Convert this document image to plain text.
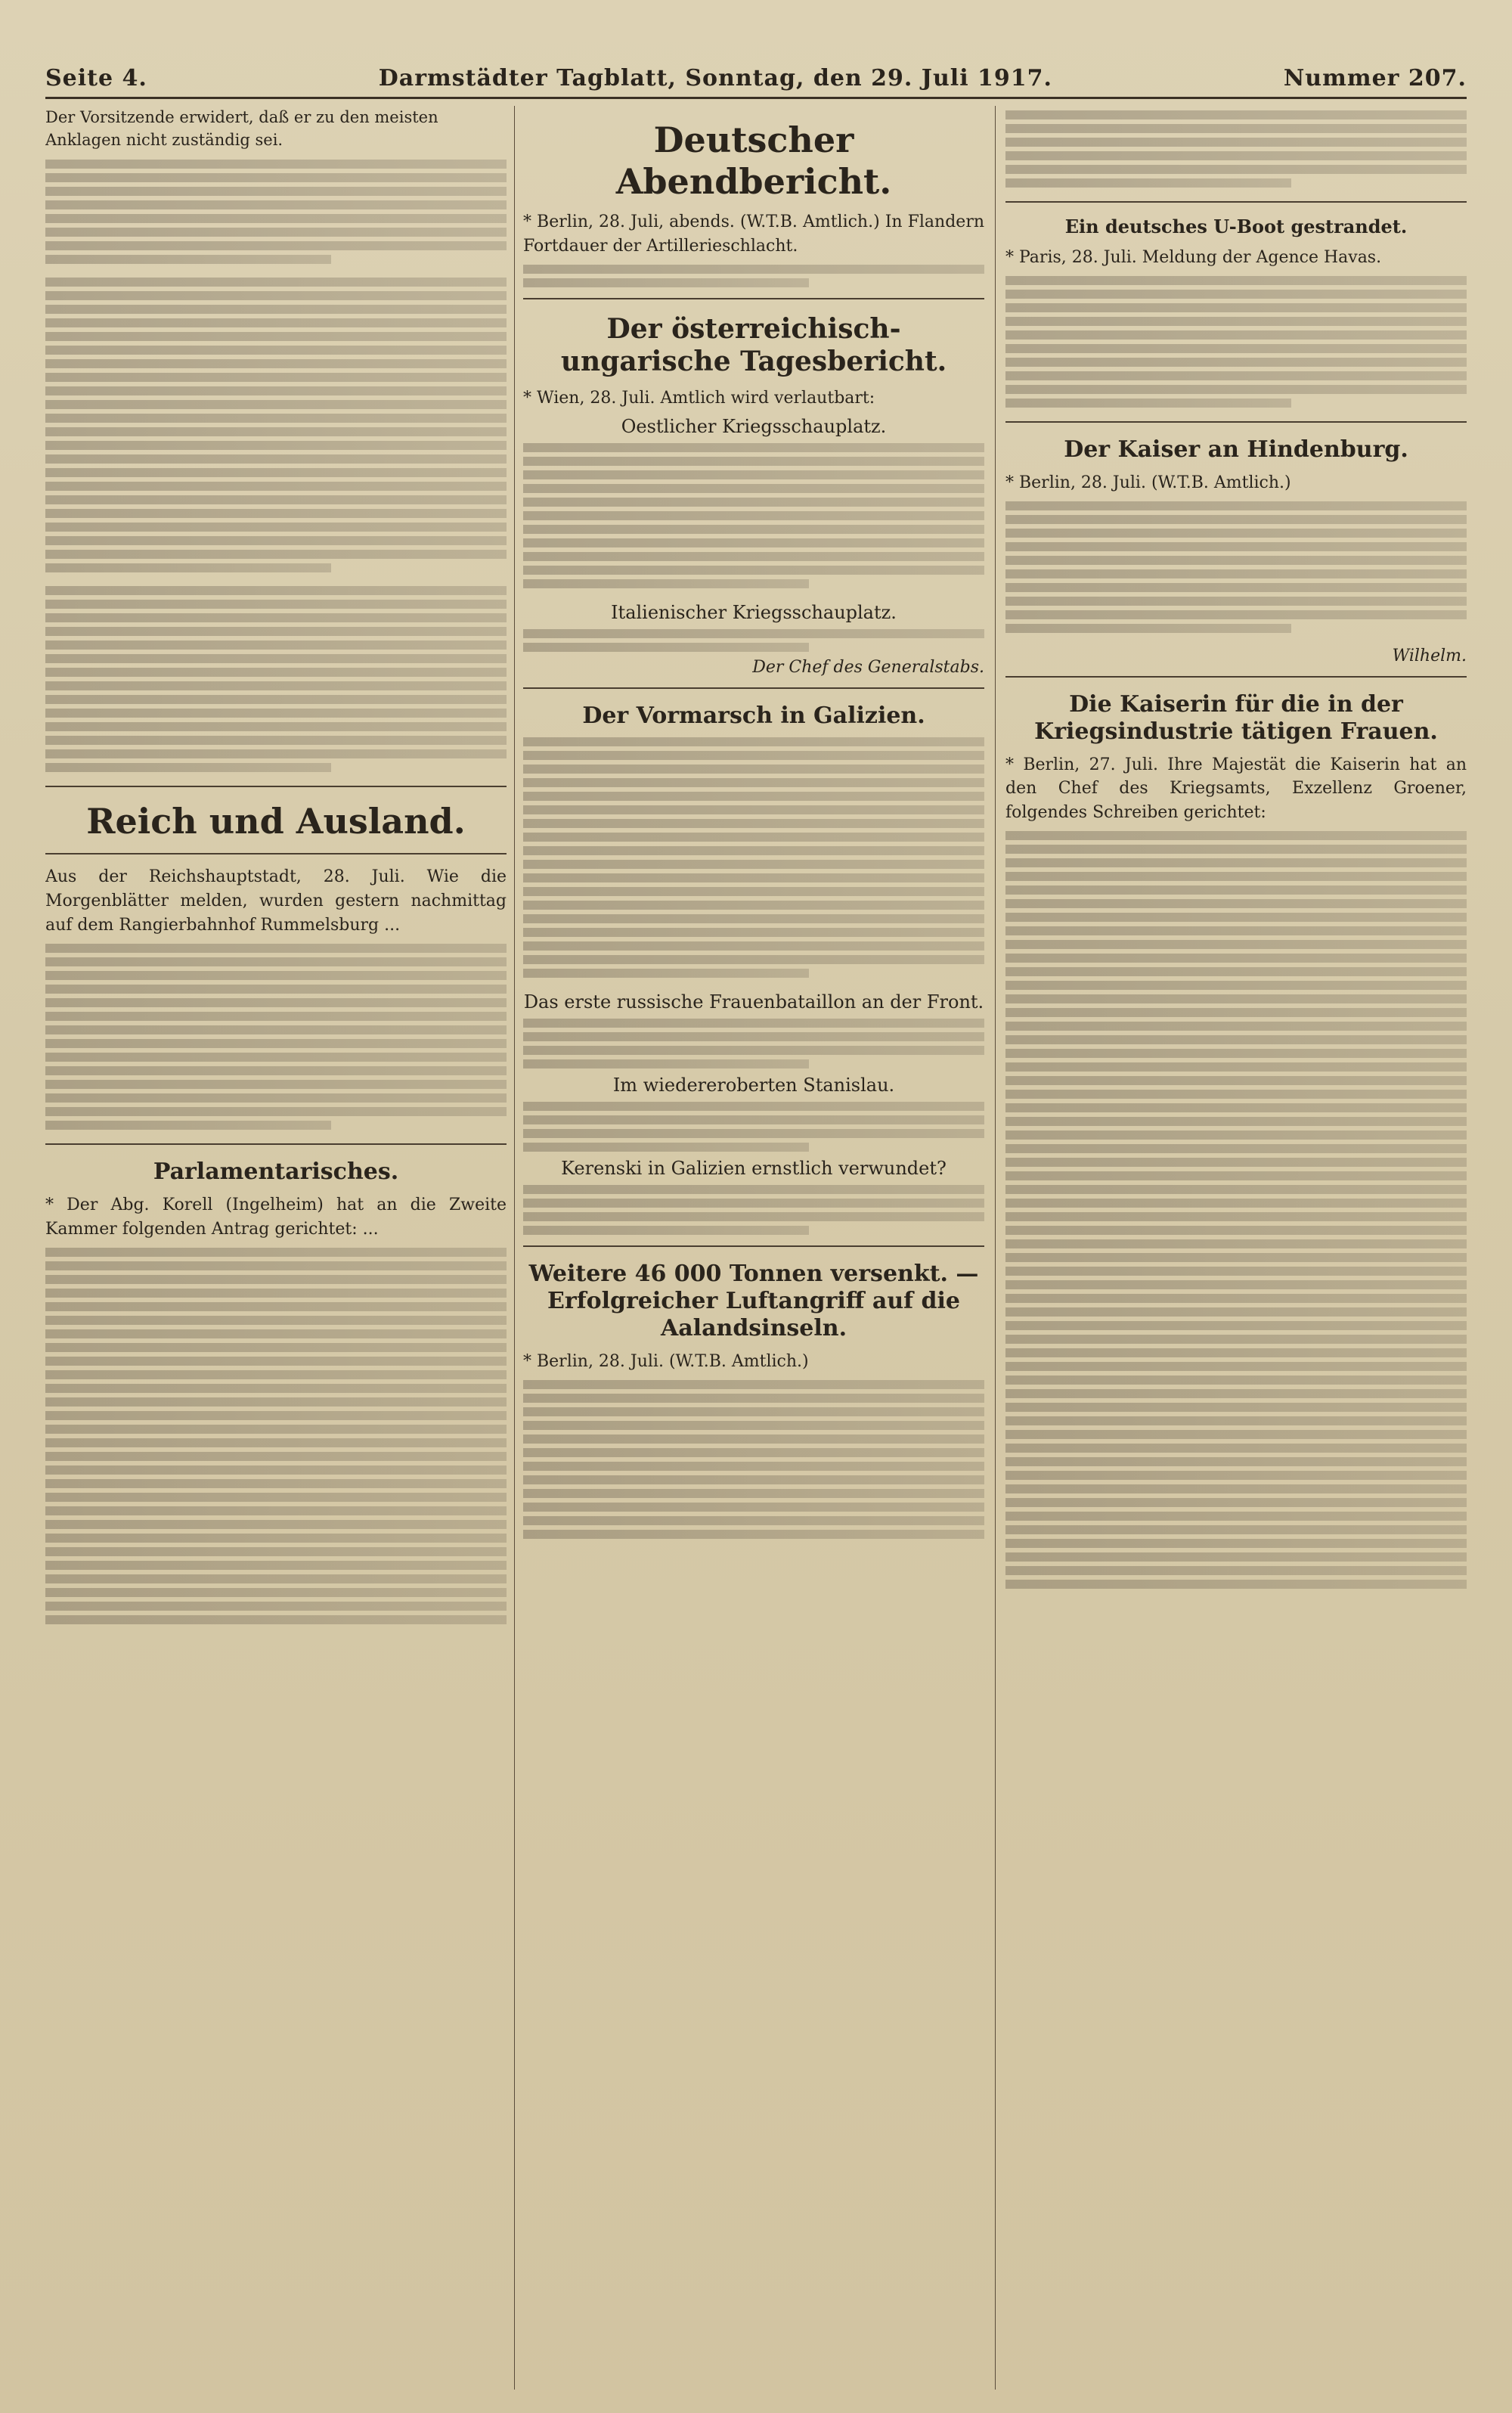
Seite 4.	Darmstädter Tagblatt, Sonntag, den 29. Juli 1917.	Nummer 207.
Der Vorsitzende erwidert, daß er zu den meisten Anklagen nicht zuständig sei.
Reich und Ausland.
Aus der Reichshauptstadt, 28. Juli. Wie die Morgenblätter melden, wurden gestern nachmittag auf dem Rangierbahnhof Rummelsburg ...
Parlamentarisches.
* Der Abg. Korell (Ingelheim) hat an die Zweite Kammer folgenden Antrag gerichtet: ...
Deutscher Abendbericht.
* Berlin, 28. Juli, abends. (W.T.B. Amtlich.) In Flandern Fortdauer der Artillerieschlacht.
Der österreichisch-ungarische Tagesbericht.
* Wien, 28. Juli. Amtlich wird verlautbart:
Oestlicher Kriegsschauplatz.
Italienischer Kriegsschauplatz.
Der Chef des Generalstabs.
Der Vormarsch in Galizien.
Das erste russische Frauenbataillon an der Front.
Im wiedereroberten Stanislau.
Kerenski in Galizien ernstlich verwundet?
Weitere 46 000 Tonnen versenkt. — Erfolgreicher Luftangriff auf die Aalandsinseln.
* Berlin, 28. Juli. (W.T.B. Amtlich.)
Ein deutsches U-Boot gestrandet.
* Paris, 28. Juli. Meldung der Agence Havas.
Der Kaiser an Hindenburg.
* Berlin, 28. Juli. (W.T.B. Amtlich.)
Wilhelm.
Die Kaiserin für die in der Kriegsindustrie tätigen Frauen.
* Berlin, 27. Juli. Ihre Majestät die Kaiserin hat an den Chef des Kriegsamts, Exzellenz Groener, folgendes Schreiben gerichtet:
